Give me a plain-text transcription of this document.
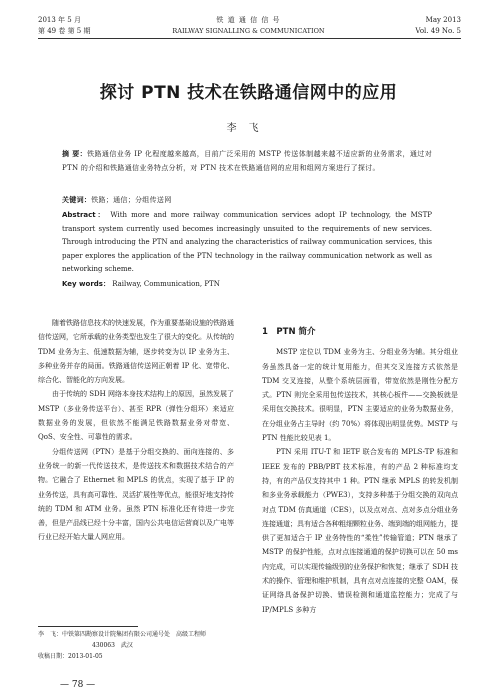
2013 年 5 月
第 49 卷 第 5 期
铁 道 通 信 信 号
RAILWAY SIGNALLING & COMMUNICATION
May 2013
Vol. 49 No. 5
探讨 PTN 技术在铁路通信网中的应用
李飞
摘 要：铁路通信业务 IP 化程度越来越高，目前广泛采用的 MSTP 传送体制越来越不适应新的业务需求，通过对 PTN 的介绍和铁路通信业务特点分析，对 PTN 技术在铁路通信网的应用和组网方案进行了探讨。
关键词：铁路；通信；分组传送网
Abstract： With more and more railway communication services adopt IP technology, the MSTP transport system currently used becomes increasingly unsuited to the requirements of new services. Through introducing the PTN and analyzing the characteristics of railway communication services, this paper explores the application of the PTN technology in the railway communication network as well as networking scheme.
Key words： Railway, Communication, PTN

随着铁路信息技术的快速发展，作为重要基础设施的铁路通信传送网，它所承载的业务类型也发生了很大的变化。从传统的 TDM 业务为主、低速数据为辅，逐步转变为以 IP 业务为主、多种业务并存的局面。铁路通信传送网正朝着 IP 化、宽带化、综合化、智能化的方向发展。

由于传统的 SDH 网络本身技术结构上的原因，虽然发展了 MSTP（多业务传送平台）、甚至 RPR（弹性分组环）来适应数据业务的发展，但依然不能满足铁路数据业务对带宽、QoS、安全性、可靠性的需求。

分组传送网（PTN）是基于分组交换的、面向连接的、多业务统一的新一代传送技术，是传送技术和数据技术结合的产物。它融合了 Ethernet 和 MPLS 的优点，实现了基于 IP 的业务传送，具有高可靠性、灵活扩展性等优点，能很好地支持传统的 TDM 和 ATM 业务。虽然 PTN 标准化还有待进一步完善，但是产品线已经十分丰富，国内公共电信运营商以及广电等行业已经开始大量人网应用。

李　飞：中铁第四勘察设计院集团有限公司通号处　高级工程师
430063　武汉
收稿日期：2013-01-05
— 78 —
1　PTN 简介

MSTP 定位以 TDM 业务为主、分组业务为辅。其分组业务虽然具备一定的统计复用能力，但其交叉连接方式依然是 TDM 交叉连接，从整个系统层面看，带宽依然是刚性分配方式。PTN 则完全采用包传送技术，其核心板件——交换板就是采用包交换技术。很明显，PTN 主要适应的业务为数据业务，在分组业务占主导时（约 70%）将体现出明显优势。MSTP 与 PTN 性能比较见表 1。

PTN 采用 ITU-T 和 IETF 联合发布的 MPLS-TP 标准和 IEEE 发布的 PBB/PBT 技术标准，有的产品 2 种标准均支持，有的产品仅支持其中 1 种。PTN 继承 MPLS 的转发机制和多业务承载能力（PWE3），支持多种基于分组交换的双向点对点 TDM 仿真通道（CES），以及点对点、点对多点分组业务连接通道；具有适合各种粗细颗粒业务、端到端的组网能力，提供了更加适合于 IP 业务特性的“柔性”传输管道；PTN 继承了 MSTP 的保护性能，点对点连接通道的保护切换可以在 50 ms 内完成，可以实现传输级别的业务保护和恢复；继承了 SDH 技术的操作、管理和维护机制，具有点对点连接的完整 OAM，保证网络具备保护切换、错误检测和通道监控能力；完成了与 IP/MPLS 多种方
